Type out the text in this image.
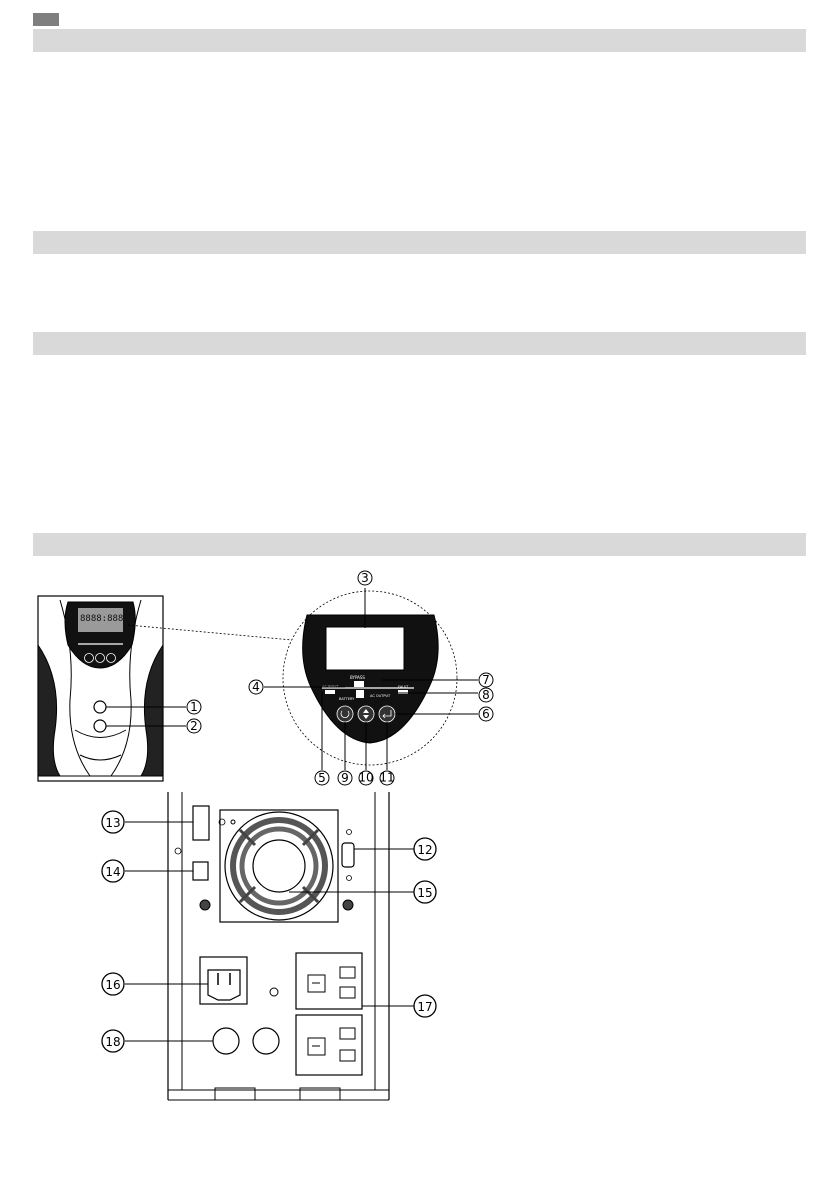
8888:888
BYPASS
AC INPUT	FAULT
BATTERY
AC OUTPUT
1
2
3
4
5
6
7
8
9 10 11
12
13
14
15
16
17
18
